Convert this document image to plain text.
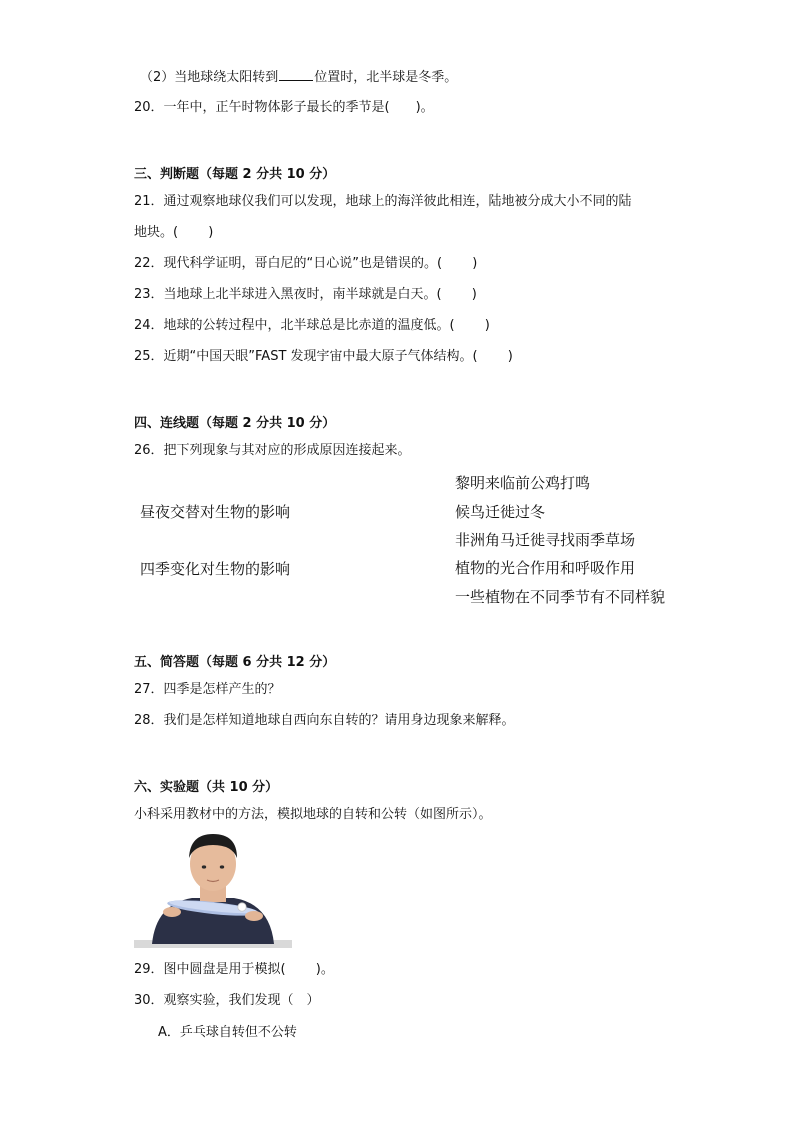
（2）当地球绕太阳转到	位置时，北半球是冬季。
20．一年中，正午时物体影子最长的季节是(　　)。
三、判断题（每题 2 分共 10 分）
21．通过观察地球仪我们可以发现，地球上的海洋彼此相连，陆地被分成大小不同的陆
地块。(　　 )
22．现代科学证明，哥白尼的“日心说”也是错误的。(　　 )
23．当地球上北半球进入黑夜时，南半球就是白天。(　　 )
24．地球的公转过程中，北半球总是比赤道的温度低。(　　 )
25．近期“中国天眼”FAST 发现宇宙中最大原子气体结构。(　　 )
四、连线题（每题 2 分共 10 分）
26．把下列现象与其对应的形成原因连接起来。
昼夜交替对生物的影响
四季变化对生物的影响
黎明来临前公鸡打鸣
候鸟迁徙过冬
非洲角马迁徙寻找雨季草场
植物的光合作用和呼吸作用
一些植物在不同季节有不同样貌
五、简答题（每题 6 分共 12 分）
27．四季是怎样产生的？
28．我们是怎样知道地球自西向东自转的？请用身边现象来解释。
六、实验题（共 10 分）
小科采用教材中的方法，模拟地球的自转和公转（如图所示）。
29．图中圆盘是用于模拟(　　 )。
30．观察实验，我们发现（　）
A．乒乓球自转但不公转
